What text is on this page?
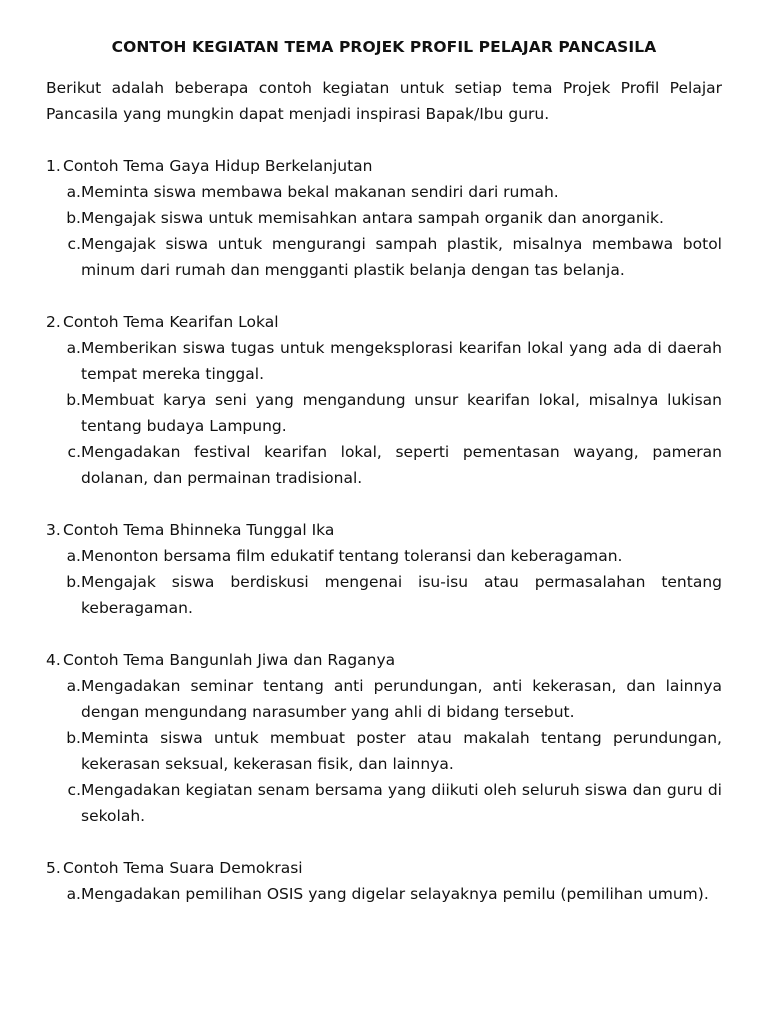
CONTOH KEGIATAN TEMA PROJEK PROFIL PELAJAR PANCASILA

Berikut adalah beberapa contoh kegiatan untuk setiap tema Projek Profil Pelajar Pancasila yang mungkin dapat menjadi inspirasi Bapak/Ibu guru.

1. Contoh Tema Gaya Hidup Berkelanjutan
a. Meminta siswa membawa bekal makanan sendiri dari rumah.
b. Mengajak siswa untuk memisahkan antara sampah organik dan anorganik.
c. Mengajak siswa untuk mengurangi sampah plastik, misalnya membawa botol minum dari rumah dan mengganti plastik belanja dengan tas belanja.
2. Contoh Tema Kearifan Lokal
a. Memberikan siswa tugas untuk mengeksplorasi kearifan lokal yang ada di daerah tempat mereka tinggal.
b. Membuat karya seni yang mengandung unsur kearifan lokal, misalnya lukisan tentang budaya Lampung.
c. Mengadakan festival kearifan lokal, seperti pementasan wayang, pameran dolanan, dan permainan tradisional.
3. Contoh Tema Bhinneka Tunggal Ika
a. Menonton bersama film edukatif tentang toleransi dan keberagaman.
b. Mengajak siswa berdiskusi mengenai isu-isu atau permasalahan tentang keberagaman.
4. Contoh Tema Bangunlah Jiwa dan Raganya
a. Mengadakan seminar tentang anti perundungan, anti kekerasan, dan lainnya dengan mengundang narasumber yang ahli di bidang tersebut.
b. Meminta siswa untuk membuat poster atau makalah tentang perundungan, kekerasan seksual, kekerasan fisik, dan lainnya.
c. Mengadakan kegiatan senam bersama yang diikuti oleh seluruh siswa dan guru di sekolah.
5. Contoh Tema Suara Demokrasi
a. Mengadakan pemilihan OSIS yang digelar selayaknya pemilu (pemilihan umum).
